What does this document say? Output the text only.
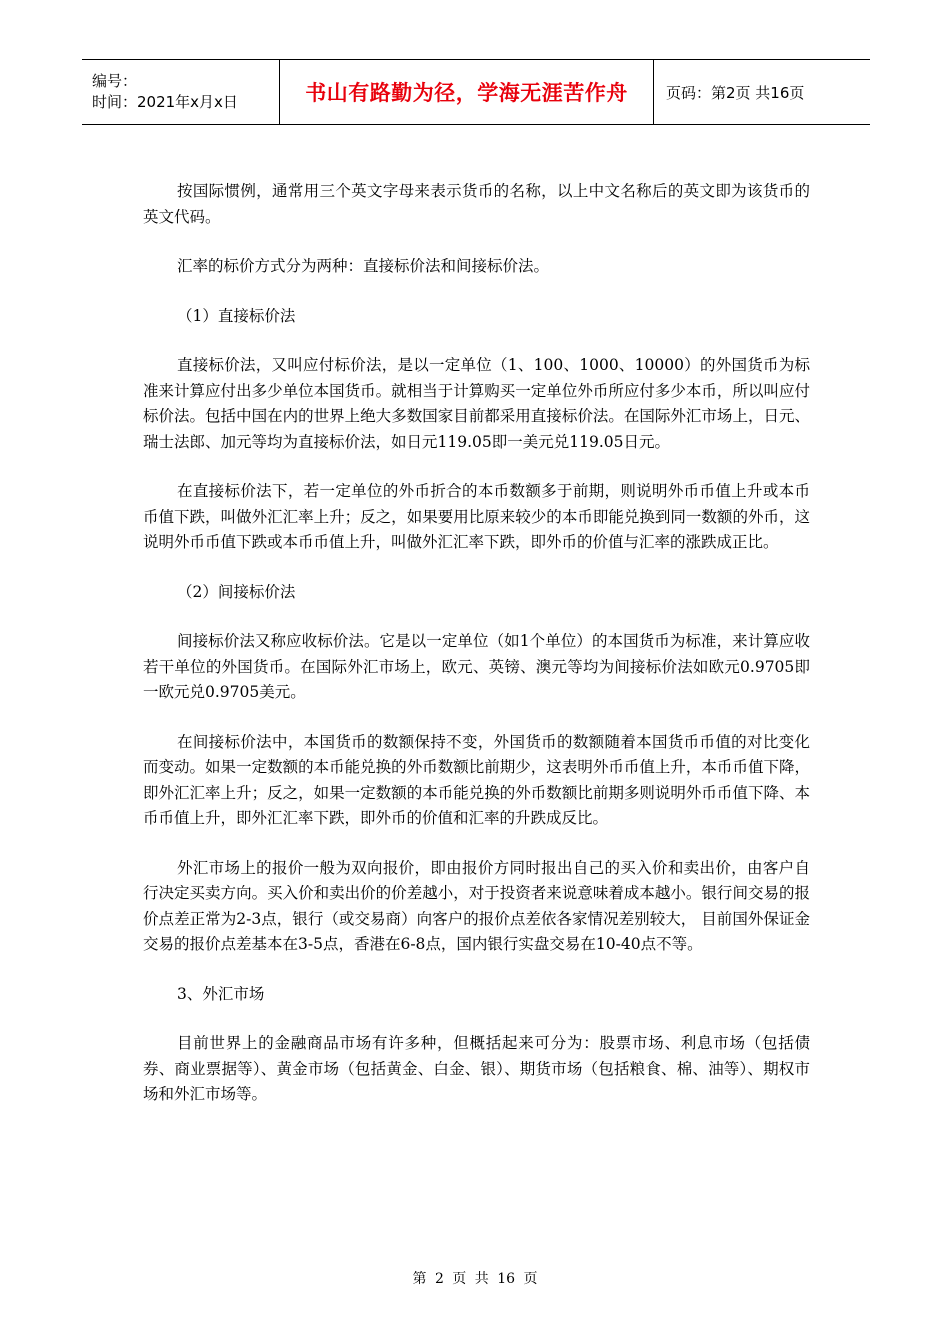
编号：
时间：2021年x月x日	书山有路勤为径，学海无涯苦作舟	页码：第2页 共16页

按国际惯例，通常用三个英文字母来表示货币的名称，以上中文名称后的英文即为该货币的英文代码。

汇率的标价方式分为两种：直接标价法和间接标价法。

（1）直接标价法

直接标价法，又叫应付标价法，是以一定单位（1、100、1000、10000）的外国货币为标准来计算应付出多少单位本国货币。就相当于计算购买一定单位外币所应付多少本币，所以叫应付标价法。包括中国在内的世界上绝大多数国家目前都采用直接标价法。在国际外汇市场上，日元、瑞士法郎、加元等均为直接标价法，如日元119.05即一美元兑119.05日元。

在直接标价法下，若一定单位的外币折合的本币数额多于前期，则说明外币币值上升或本币币值下跌，叫做外汇汇率上升；反之，如果要用比原来较少的本币即能兑换到同一数额的外币，这说明外币币值下跌或本币币值上升，叫做外汇汇率下跌，即外币的价值与汇率的涨跌成正比。

（2）间接标价法

间接标价法又称应收标价法。它是以一定单位（如1个单位）的本国货币为标准，来计算应收若干单位的外国货币。在国际外汇市场上，欧元、英镑、澳元等均为间接标价法如欧元0.9705即一欧元兑0.9705美元。

在间接标价法中，本国货币的数额保持不变，外国货币的数额随着本国货币币值的对比变化而变动。如果一定数额的本币能兑换的外币数额比前期少，这表明外币币值上升，本币币值下降，即外汇汇率上升；反之，如果一定数额的本币能兑换的外币数额比前期多则说明外币币值下降、本币币值上升，即外汇汇率下跌，即外币的价值和汇率的升跌成反比。

外汇市场上的报价一般为双向报价，即由报价方同时报出自己的买入价和卖出价，由客户自行决定买卖方向。买入价和卖出价的价差越小，对于投资者来说意味着成本越小。银行间交易的报价点差正常为2-3点，银行（或交易商）向客户的报价点差依各家情况差别较大， 目前国外保证金交易的报价点差基本在3-5点，香港在6-8点，国内银行实盘交易在10-40点不等。

3、外汇市场

目前世界上的金融商品市场有许多种，但概括起来可分为：股票市场、利息市场（包括债券、商业票据等）、黄金市场（包括黄金、白金、银）、期货市场（包括粮食、棉、油等）、期权市场和外汇市场等。

第 2 页 共 16 页
